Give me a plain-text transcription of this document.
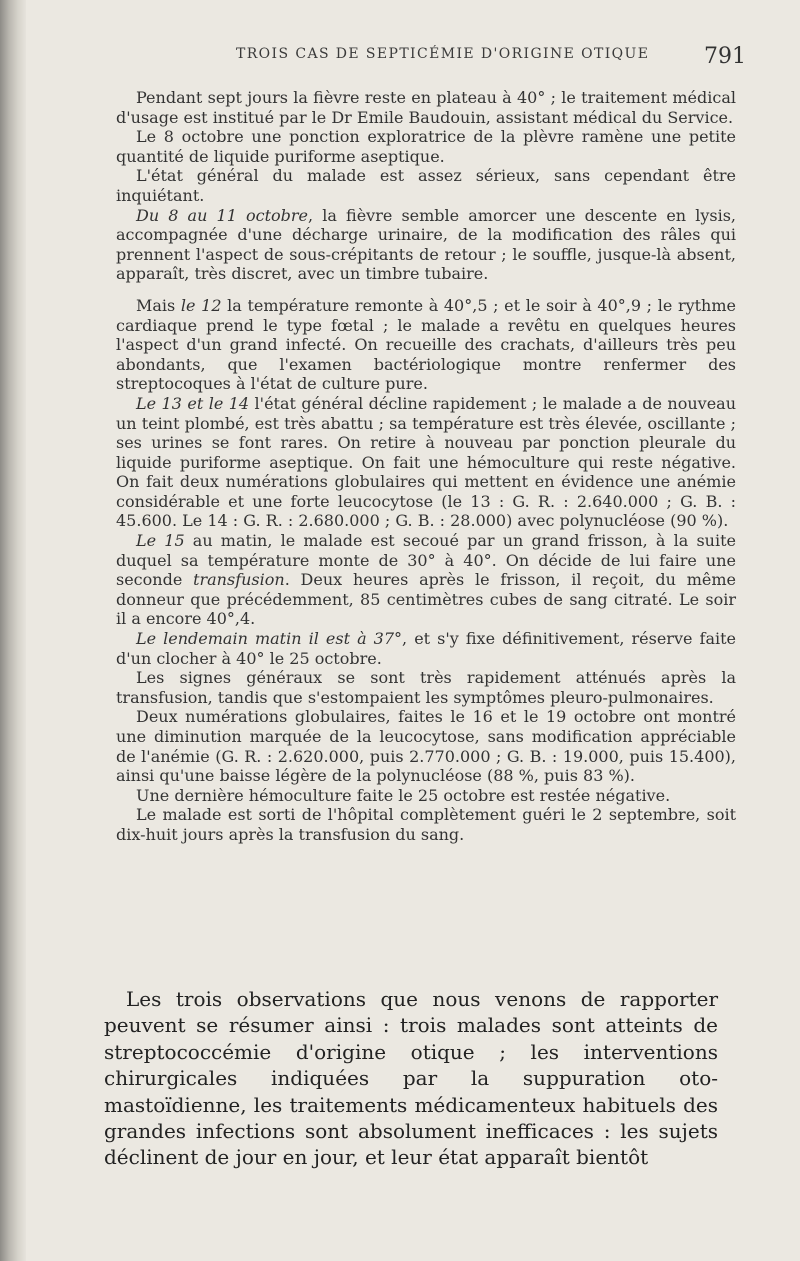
TROIS CAS DE SEPTICÉMIE D'ORIGINE OTIQUE	791

Pendant sept jours la fièvre reste en plateau à 40° ; le traitement médical d'usage est institué par le Dr Emile Baudouin, assistant médical du Service.

Le 8 octobre une ponction exploratrice de la plèvre ramène une petite quantité de liquide puriforme aseptique.

L'état général du malade est assez sérieux, sans cependant être inquiétant.

Du 8 au 11 octobre, la fièvre semble amorcer une descente en lysis, accompagnée d'une décharge urinaire, de la modification des râles qui prennent l'aspect de sous-crépitants de retour ; le souffle, jusque-là absent, apparaît, très discret, avec un timbre tubaire.

Mais le 12 la température remonte à 40°,5 ; et le soir à 40°,9 ; le rythme cardiaque prend le type fœtal ; le malade a revêtu en quelques heures l'aspect d'un grand infecté. On recueille des crachats, d'ailleurs très peu abondants, que l'examen bactériologique montre renfermer des streptocoques à l'état de culture pure.

Le 13 et le 14 l'état général décline rapidement ; le malade a de nouveau un teint plombé, est très abattu ; sa température est très élevée, oscillante ; ses urines se font rares. On retire à nouveau par ponction pleurale du liquide puriforme aseptique. On fait une hémoculture qui reste négative. On fait deux numérations globulaires qui mettent en évidence une anémie considérable et une forte leucocytose (le 13 : G. R. : 2.640.000 ; G. B. : 45.600. Le 14 : G. R. : 2.680.000 ; G. B. : 28.000) avec polynucléose (90 %).

Le 15 au matin, le malade est secoué par un grand frisson, à la suite duquel sa température monte de 30° à 40°. On décide de lui faire une seconde transfusion. Deux heures après le frisson, il reçoit, du même donneur que précédemment, 85 centimètres cubes de sang citraté. Le soir il a encore 40°,4.

Le lendemain matin il est à 37°, et s'y fixe définitivement, réserve faite d'un clocher à 40° le 25 octobre.

Les signes généraux se sont très rapidement atténués après la transfusion, tandis que s'estompaient les symptômes pleuro-pulmonaires.

Deux numérations globulaires, faites le 16 et le 19 octobre ont montré une diminution marquée de la leucocytose, sans modification appréciable de l'anémie (G. R. : 2.620.000, puis 2.770.000 ; G. B. : 19.000, puis 15.400), ainsi qu'une baisse légère de la polynucléose (88 %, puis 83 %).

Une dernière hémoculture faite le 25 octobre est restée négative.

Le malade est sorti de l'hôpital complètement guéri le 2 septembre, soit dix-huit jours après la transfusion du sang.

Les trois observations que nous venons de rapporter peuvent se résumer ainsi : trois malades sont atteints de streptococcémie d'origine otique ; les interventions chirurgicales indiquées par la suppuration oto-mastoïdienne, les traitements médicamenteux habituels des grandes infections sont absolument inefficaces : les sujets déclinent de jour en jour, et leur état apparaît bientôt
